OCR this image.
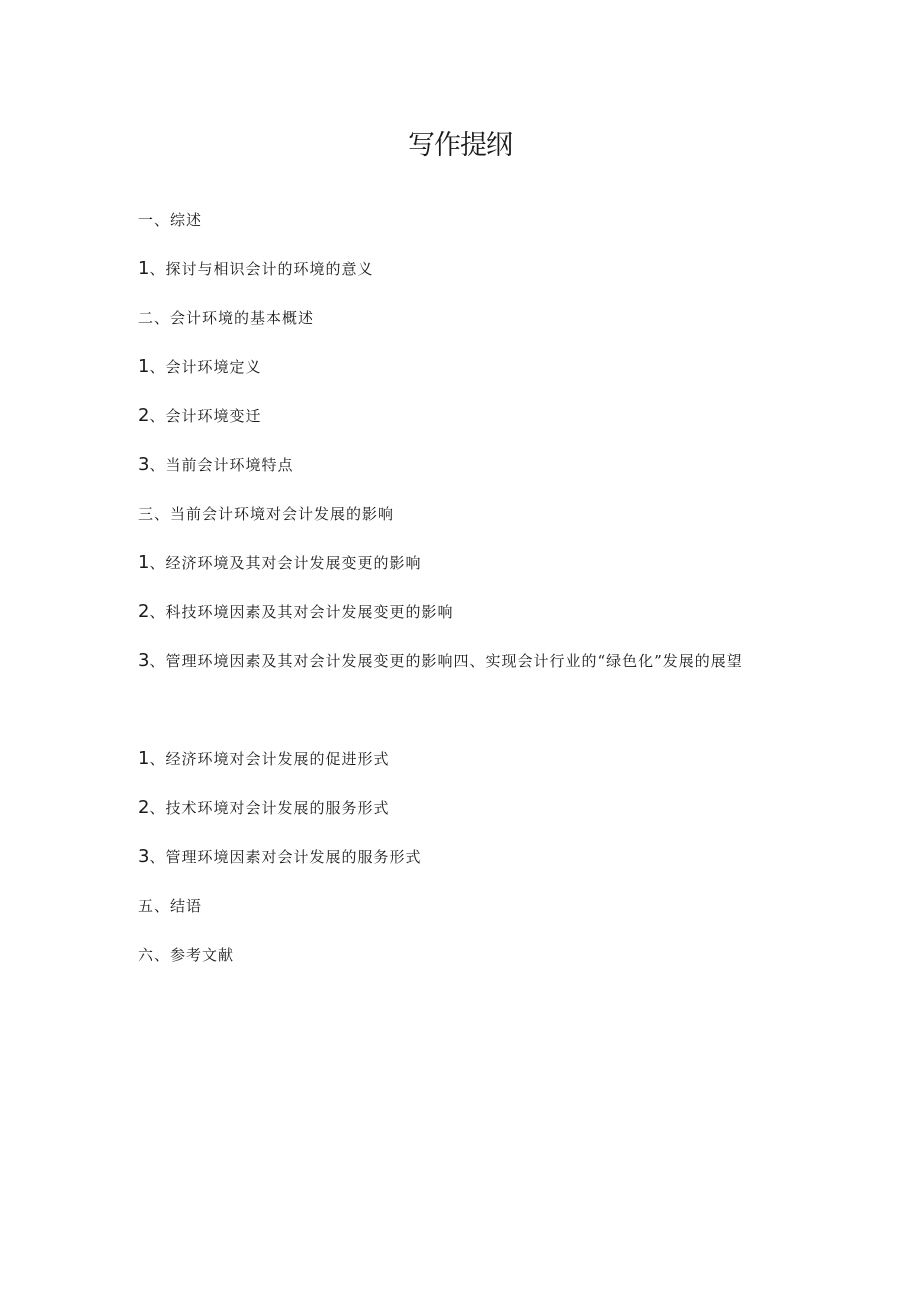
写作提纲
一、综述
1、探讨与相识会计的环境的意义
二、会计环境的基本概述
1、会计环境定义
2、会计环境变迁
3、当前会计环境特点
三、当前会计环境对会计发展的影响
1、经济环境及其对会计发展变更的影响
2、科技环境因素及其对会计发展变更的影响
3、管理环境因素及其对会计发展变更的影响四、实现会计行业的“绿色化”发展的展望
1、经济环境对会计发展的促进形式
2、技术环境对会计发展的服务形式
3、管理环境因素对会计发展的服务形式
五、结语
六、参考文献
